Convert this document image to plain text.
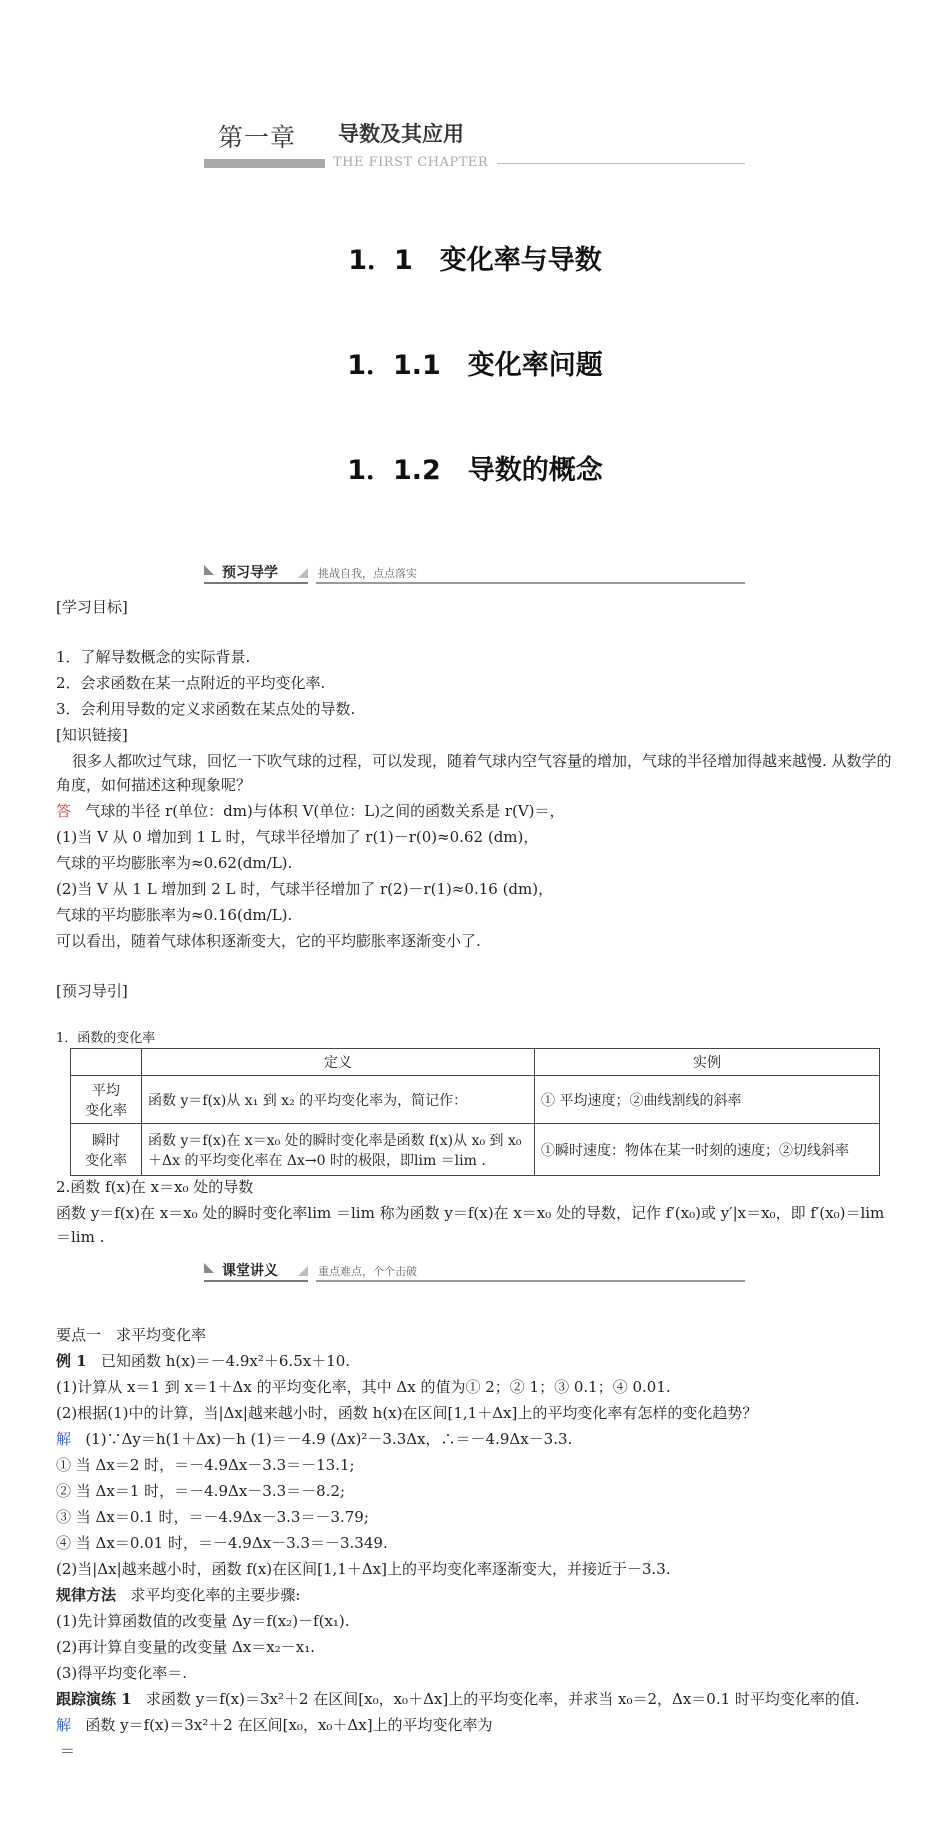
第一章 导数及其应用
THE FIRST CHAPTER
1．1　变化率与导数
1．1.1　变化率问题
1．1.2　导数的概念
预习导学	挑战自我，点点落实
[学习目标]
1．了解导数概念的实际背景.
2．会求函数在某一点附近的平均变化率.
3．会利用导数的定义求函数在某点处的导数.
[知识链接]
很多人都吹过气球，回忆一下吹气球的过程，可以发现，随着气球内空气容量的增加，气球的半径增加得越来越慢. 从数学的角度，如何描述这种现象呢？
答 气球的半径 r(单位：dm)与体积 V(单位：L)之间的函数关系是 r(V)＝，
(1)当 V 从 0 增加到 1 L 时，气球半径增加了 r(1)－r(0)≈0.62 (dm)，
气球的平均膨胀率为≈0.62(dm/L).
(2)当 V 从 1 L 增加到 2 L 时，气球半径增加了 r(2)－r(1)≈0.16 (dm)，
气球的平均膨胀率为≈0.16(dm/L).
可以看出，随着气球体积逐渐变大，它的平均膨胀率逐渐变小了.
[预习导引]
1．函数的变化率
	定义	实例
平均
变化率	函数 y＝f(x)从 x₁ 到 x₂ 的平均变化率为，简记作：	① 平均速度；②曲线割线的斜率
瞬时
变化率	函数 y＝f(x)在 x＝x₀ 处的瞬时变化率是函数 f(x)从 x₀ 到 x₀＋Δx 的平均变化率在 Δx→0 时的极限，即lim ＝lim .	①瞬时速度：物体在某一时刻的速度；②切线斜率
2.函数 f(x)在 x＝x₀ 处的导数
函数 y＝f(x)在 x＝x₀ 处的瞬时变化率lim ＝lim 称为函数 y＝f(x)在 x＝x₀ 处的导数，记作 f′(x₀)或 y′|x＝x₀，即 f′(x₀)＝lim ＝lim .
课堂讲义	重点难点，个个击破
要点一　求平均变化率
例 1 已知函数 h(x)＝－4.9x²＋6.5x＋10.
(1)计算从 x＝1 到 x＝1＋Δx 的平均变化率，其中 Δx 的值为① 2；② 1；③ 0.1；④ 0.01.
(2)根据(1)中的计算，当|Δx|越来越小时，函数 h(x)在区间[1,1＋Δx]上的平均变化率有怎样的变化趋势？
解 (1)∵Δy＝h(1＋Δx)－h (1)＝－4.9 (Δx)²－3.3Δx，∴＝－4.9Δx－3.3.
① 当 Δx＝2 时，＝－4.9Δx－3.3＝－13.1;
② 当 Δx＝1 时，＝－4.9Δx－3.3＝－8.2;
③ 当 Δx＝0.1 时，＝－4.9Δx－3.3＝－3.79;
④ 当 Δx＝0.01 时，＝－4.9Δx－3.3＝－3.349.
(2)当|Δx|越来越小时，函数 f(x)在区间[1,1＋Δx]上的平均变化率逐渐变大，并接近于－3.3.
规律方法 求平均变化率的主要步骤:
(1)先计算函数值的改变量 Δy＝f(x₂)－f(x₁).
(2)再计算自变量的改变量 Δx＝x₂－x₁.
(3)得平均变化率＝.
跟踪演练 1 求函数 y＝f(x)＝3x²＋2 在区间[x₀，x₀＋Δx]上的平均变化率，并求当 x₀＝2，Δx＝0.1 时平均变化率的值.
解 函数 y＝f(x)＝3x²＋2 在区间[x₀，x₀＋Δx]上的平均变化率为
＝
